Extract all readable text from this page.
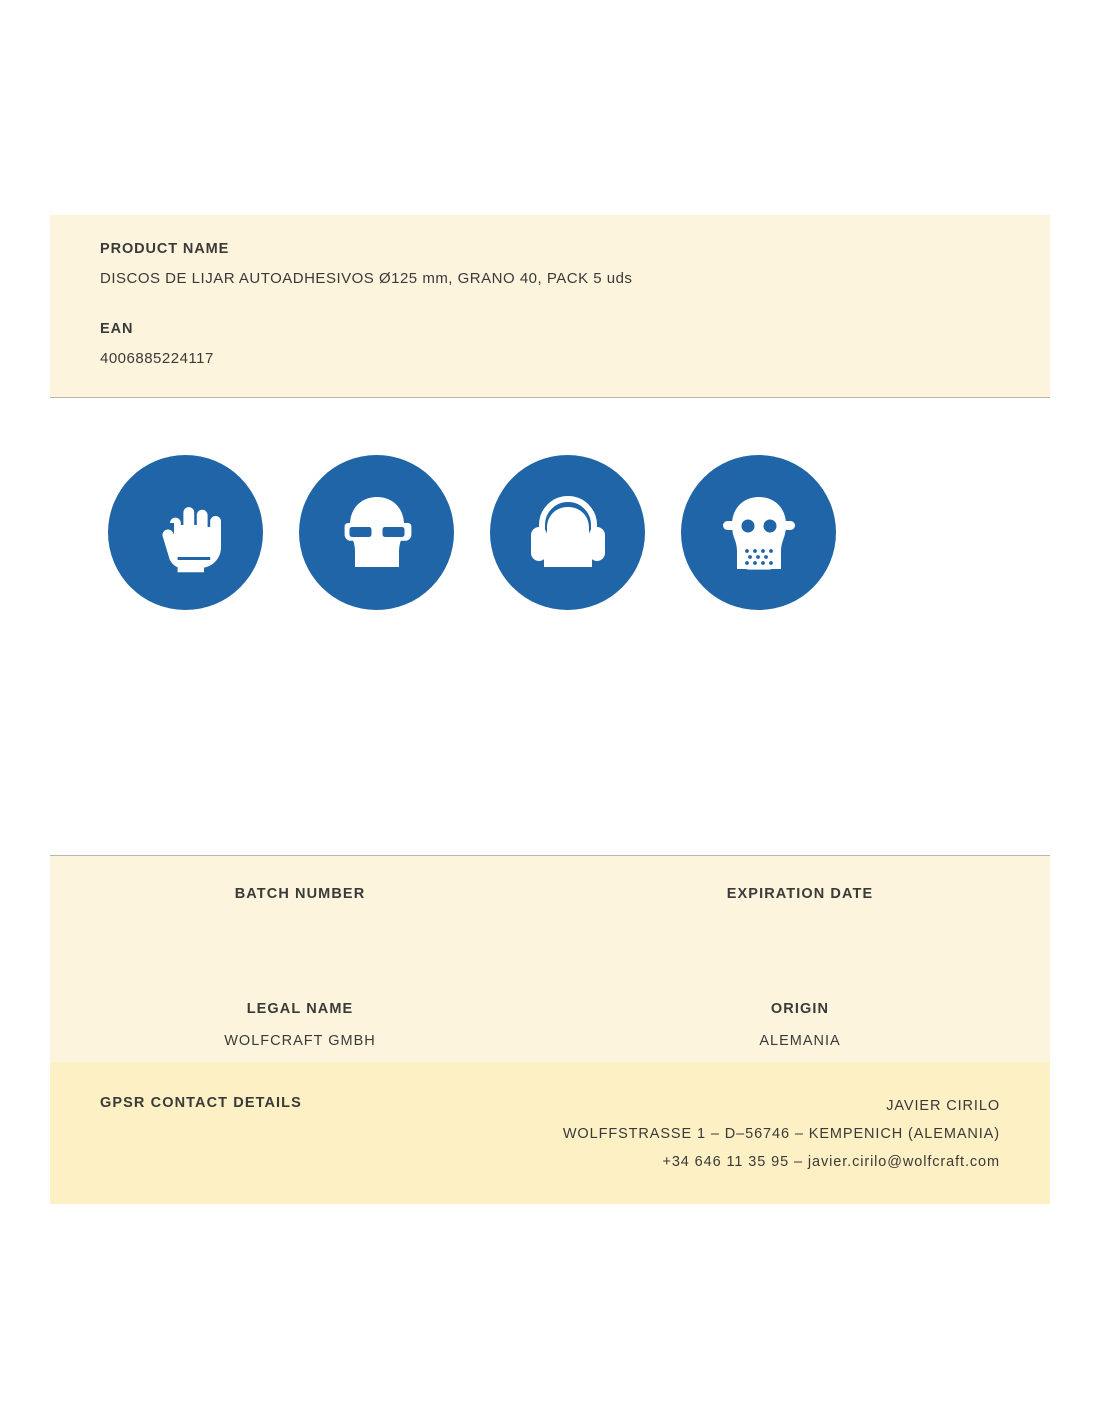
PRODUCT NAME

DISCOS DE LIJAR AUTOADHESIVOS Ø125 mm, GRANO 40, PACK 5 uds

EAN

4006885224117

BATCH NUMBER	EXPIRATION DATE

LEGAL NAME

WOLFCRAFT GMBH

ORIGIN

ALEMANIA

JAVIER CIRILO
WOLFFSTRASSE 1 – D–56746 – KEMPENICH (ALEMANIA)
+34 646 11 35 95 – javier.cirilo@wolfcraft.com
GPSR CONTACT DETAILS
